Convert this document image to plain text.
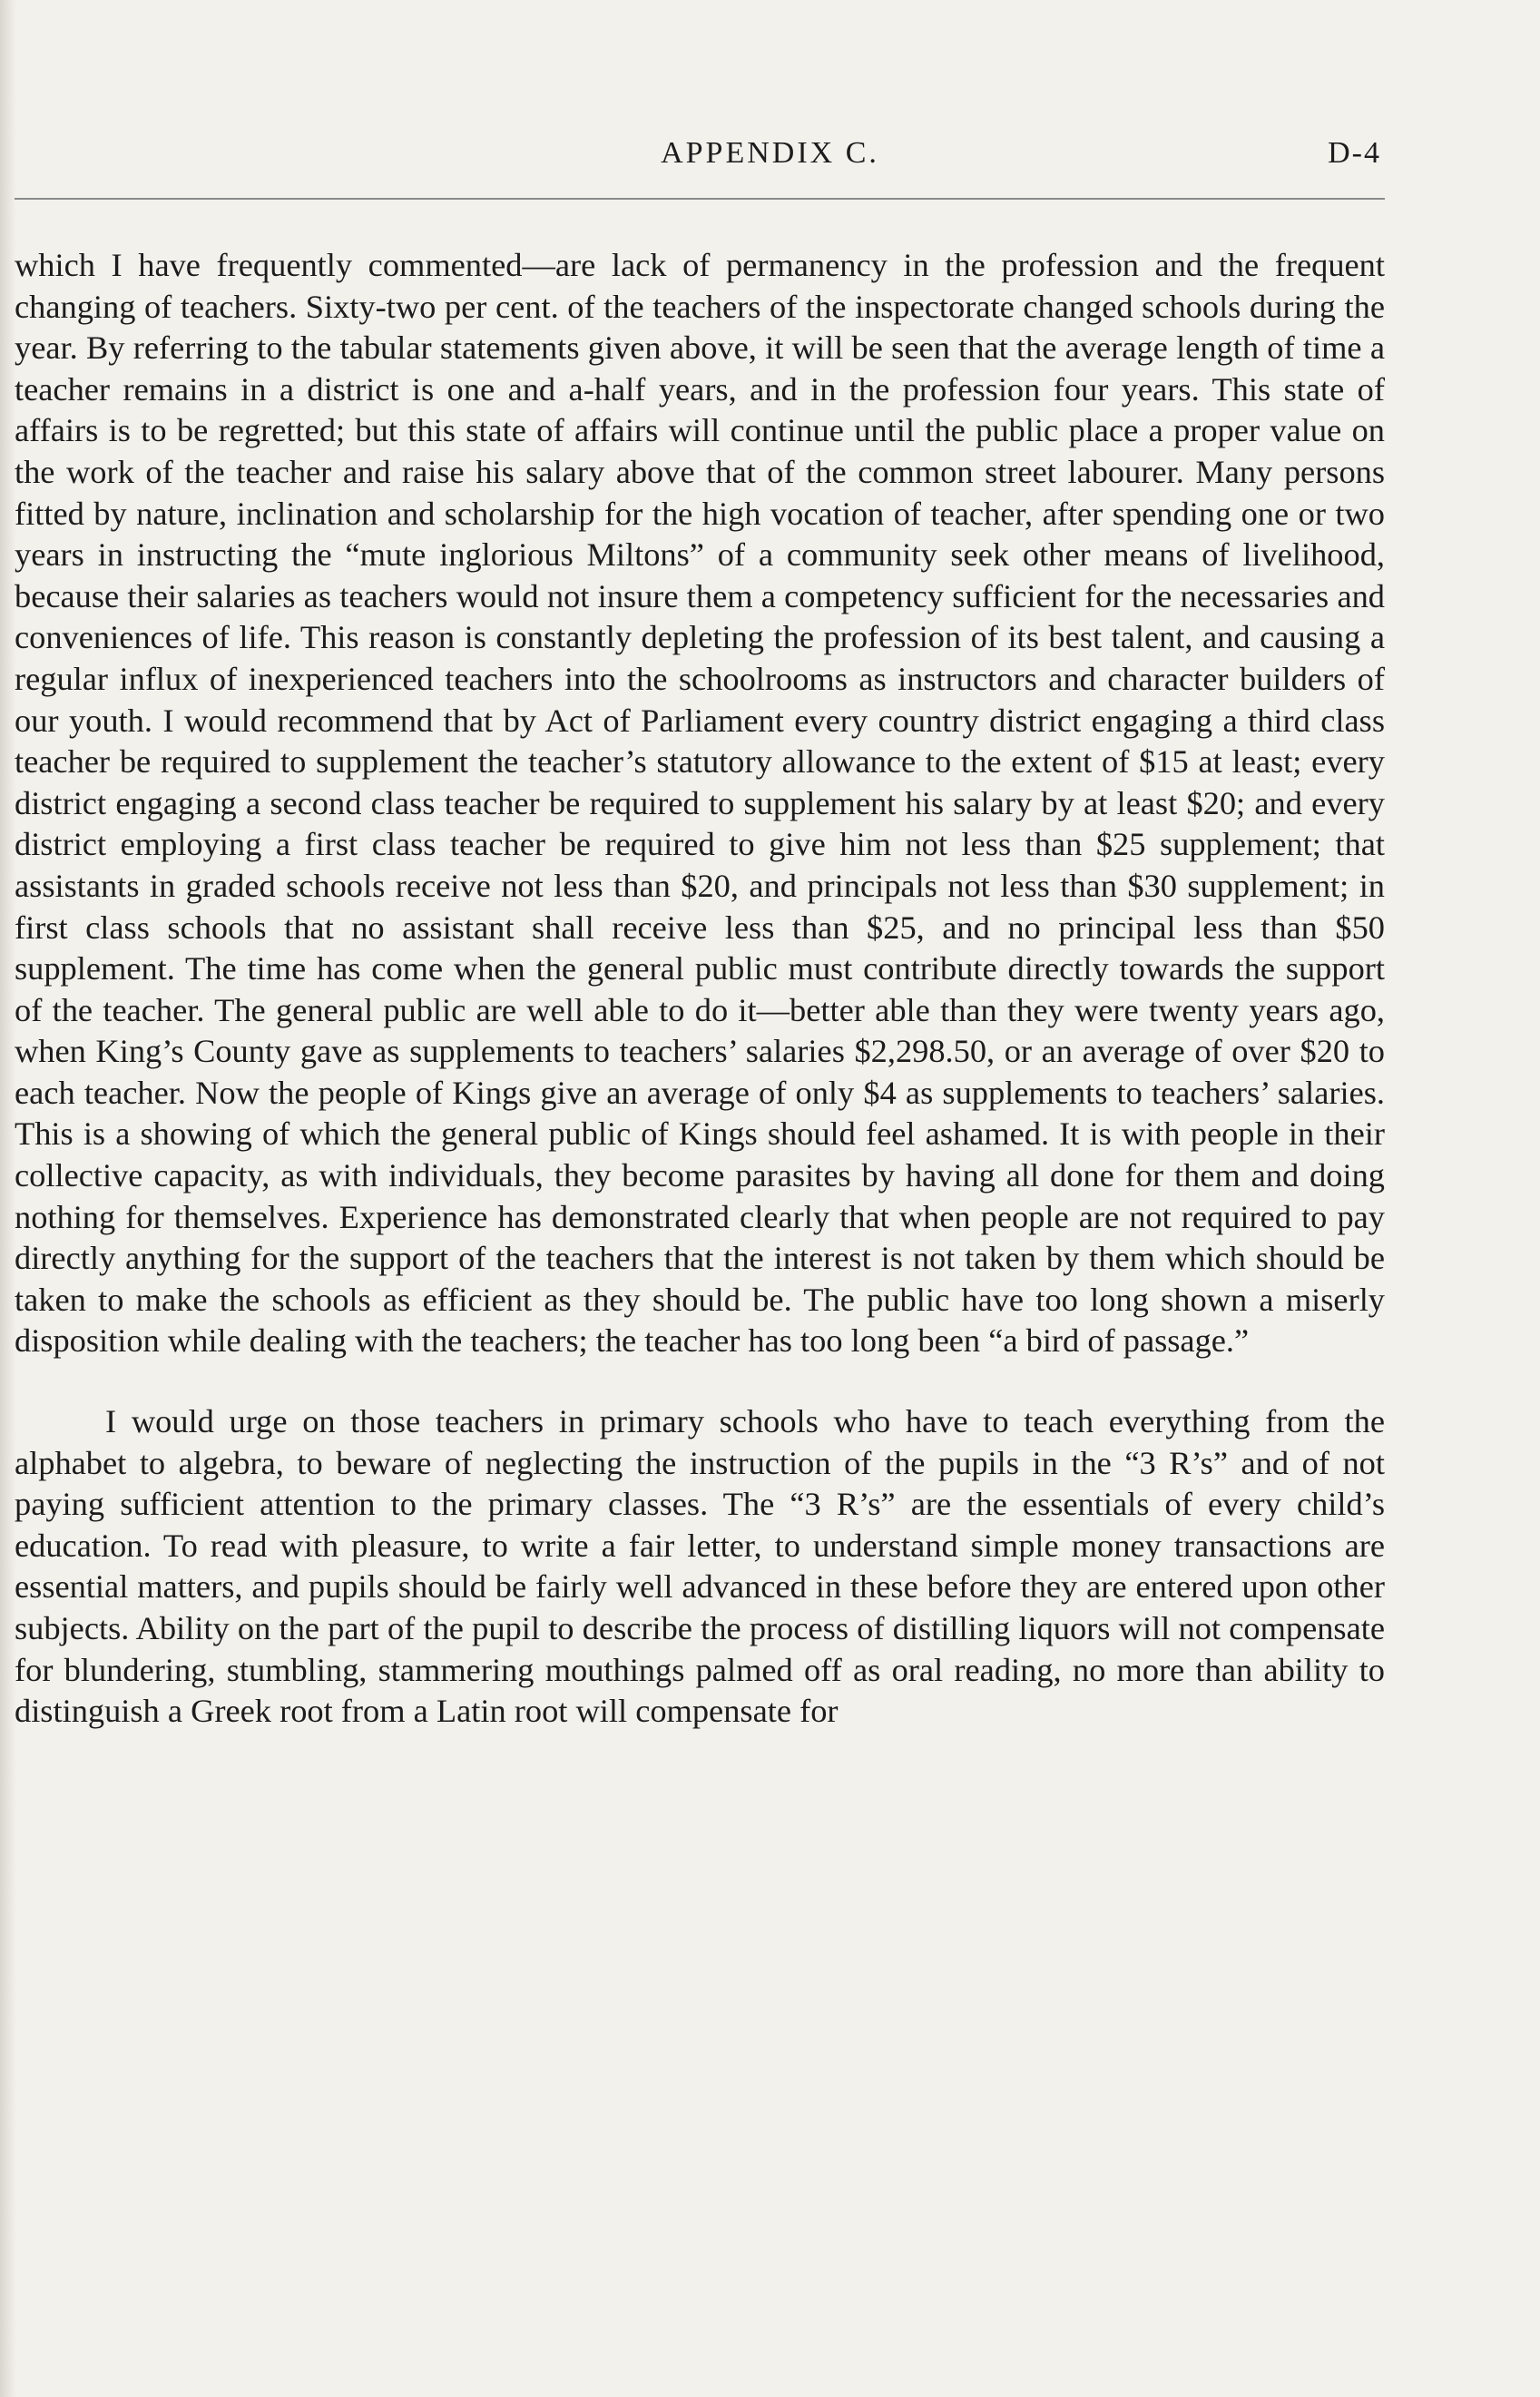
APPENDIX C.	D-4

which I have frequently commented—are lack of permanency in the profession and the frequent changing of teachers. Sixty-two per cent. of the teachers of the inspectorate changed schools during the year. By referring to the tabular statements given above, it will be seen that the average length of time a teacher remains in a district is one and a-half years, and in the profession four years. This state of affairs is to be regretted; but this state of affairs will continue until the public place a proper value on the work of the teacher and raise his salary above that of the common street labourer. Many persons fitted by nature, inclination and scholarship for the high vocation of teacher, after spending one or two years in instructing the “mute inglorious Miltons” of a community seek other means of livelihood, because their salaries as teachers would not insure them a competency sufficient for the necessaries and conveniences of life. This reason is constantly depleting the profession of its best talent, and causing a regular influx of inexperienced teachers into the schoolrooms as instructors and character builders of our youth. I would recommend that by Act of Parliament every country district engaging a third class teacher be required to supplement the teacher’s statutory allowance to the extent of $15 at least; every district engaging a second class teacher be required to supplement his salary by at least $20; and every district employing a first class teacher be required to give him not less than $25 supplement; that assistants in graded schools receive not less than $20, and principals not less than $30 supplement; in first class schools that no assistant shall receive less than $25, and no principal less than $50 supplement. The time has come when the general public must contribute directly towards the support of the teacher. The general public are well able to do it—better able than they were twenty years ago, when King’s County gave as supplements to teachers’ salaries $2,298.50, or an average of over $20 to each teacher. Now the people of Kings give an average of only $4 as supplements to teachers’ salaries. This is a showing of which the general public of Kings should feel ashamed. It is with people in their collective capacity, as with individuals, they become parasites by having all done for them and doing nothing for themselves. Experience has demonstrated clearly that when people are not required to pay directly anything for the support of the teachers that the interest is not taken by them which should be taken to make the schools as efficient as they should be. The public have too long shown a miserly disposition while dealing with the teachers; the teacher has too long been “a bird of passage.”

I would urge on those teachers in primary schools who have to teach everything from the alphabet to algebra, to beware of neglecting the instruction of the pupils in the “3 R’s” and of not paying sufficient attention to the primary classes. The “3 R’s” are the essentials of every child’s education. To read with pleasure, to write a fair letter, to understand simple money transactions are essential matters, and pupils should be fairly well advanced in these before they are entered upon other subjects. Ability on the part of the pupil to describe the process of distilling liquors will not compensate for blundering, stumbling, stammering mouthings palmed off as oral reading, no more than ability to distinguish a Greek root from a Latin root will compensate for
